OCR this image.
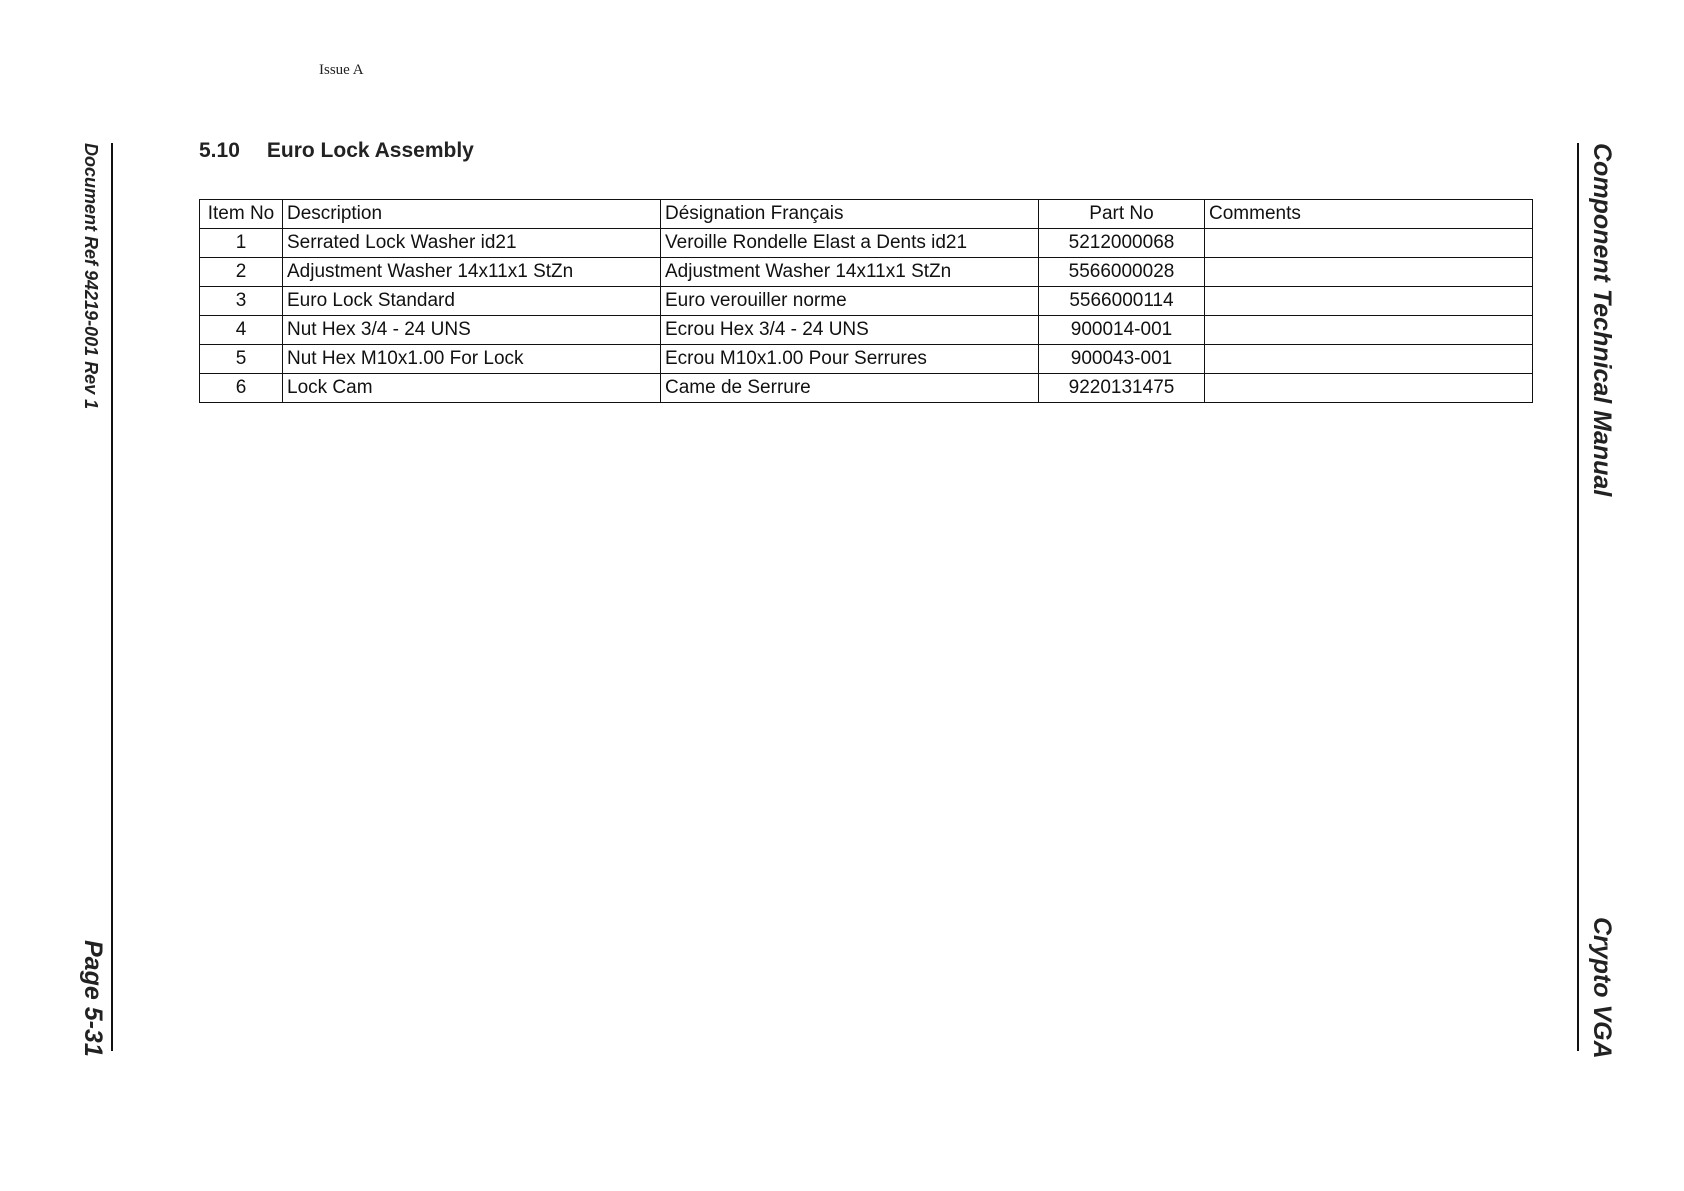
Issue A
Document Ref 94219-001 Rev 1
Page 5-31
Component Technical Manual
Crypto VGA
5.10 Euro Lock Assembly
Item No	Description	Désignation Français	Part No	Comments
1	Serrated Lock Washer id21	Veroille Rondelle Elast a Dents id21	5212000068	
2	Adjustment Washer 14x11x1 StZn	Adjustment Washer 14x11x1 StZn	5566000028	
3	Euro Lock Standard	Euro verouiller norme	5566000114	
4	Nut Hex 3/4 - 24 UNS	Ecrou Hex 3/4 - 24 UNS	900014-001	
5	Nut Hex M10x1.00 For Lock	Ecrou M10x1.00 Pour Serrures	900043-001	
6	Lock Cam	Came de Serrure	9220131475	
